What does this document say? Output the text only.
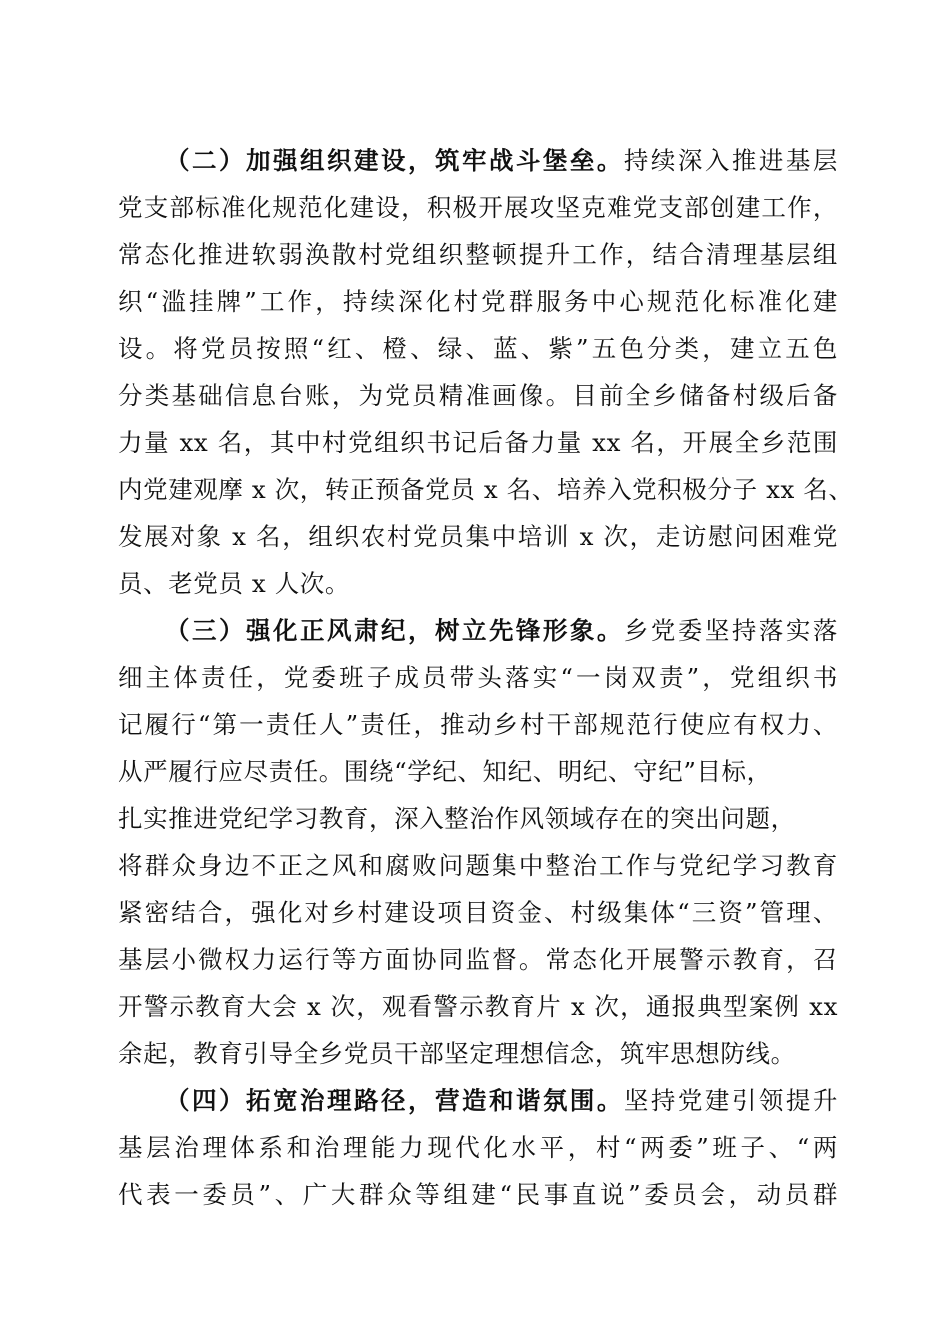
（二）加强组织建设，筑牢战斗堡垒。持续深入推进基层
党支部标准化规范化建设，积极开展攻坚克难党支部创建工作，
常态化推进软弱涣散村党组织整顿提升工作，结合清理基层组
织“滥挂牌”工作，持续深化村党群服务中心规范化标准化建
设。将党员按照“红、橙、绿、蓝、紫”五色分类，建立五色
分类基础信息台账，为党员精准画像。目前全乡储备村级后备
力量 xx 名，其中村党组织书记后备力量 xx 名，开展全乡范围
内党建观摩 x 次，转正预备党员 x 名、培养入党积极分子 xx 名、
发展对象 x 名，组织农村党员集中培训 x 次，走访慰问困难党
员、老党员 x 人次。
（三）强化正风肃纪，树立先锋形象。乡党委坚持落实落
细主体责任，党委班子成员带头落实“一岗双责”，党组织书
记履行“第一责任人”责任，推动乡村干部规范行使应有权力、
从严履行应尽责任。围绕“学纪、知纪、明纪、守纪”目标，
扎实推进党纪学习教育，深入整治作风领域存在的突出问题，
将群众身边不正之风和腐败问题集中整治工作与党纪学习教育
紧密结合，强化对乡村建设项目资金、村级集体“三资”管理、
基层小微权力运行等方面协同监督。常态化开展警示教育，召
开警示教育大会 x 次，观看警示教育片 x 次，通报典型案例 xx
余起，教育引导全乡党员干部坚定理想信念，筑牢思想防线。
（四）拓宽治理路径，营造和谐氛围。坚持党建引领提升
基层治理体系和治理能力现代化水平，村“两委”班子、“两
代表一委员”、广大群众等组建“民事直说”委员会，动员群
